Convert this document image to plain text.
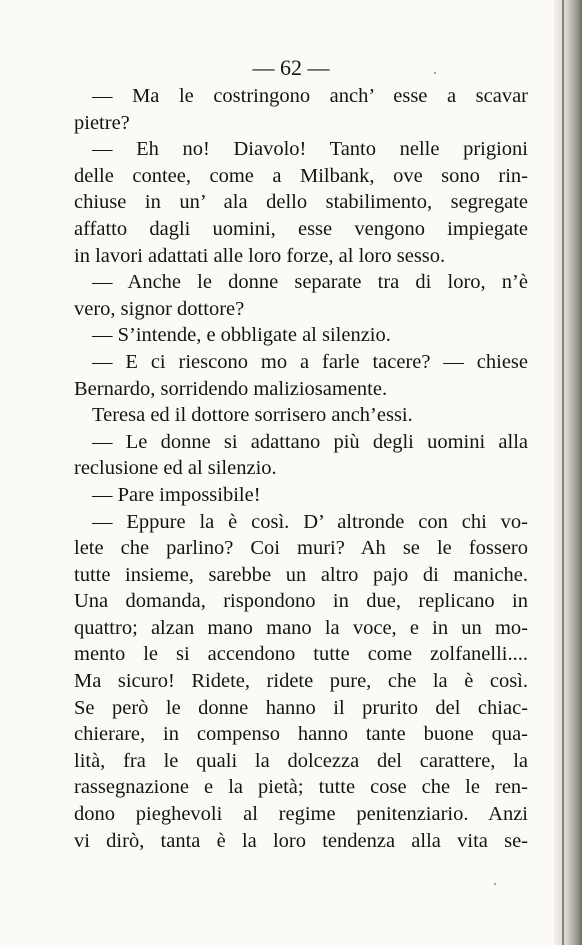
— 62 —
— Ma le costringono anch’ esse a scavar
pietre?
— Eh no! Diavolo! Tanto nelle prigioni
delle contee, come a Milbank, ove sono rin-
chiuse in un’ ala dello stabilimento, segregate
affatto dagli uomini, esse vengono impiegate
in lavori adattati alle loro forze, al loro sesso.
— Anche le donne separate tra di loro, n’è
vero, signor dottore?
— S’intende, e obbligate al silenzio.
— E ci riescono mo a farle tacere? — chiese
Bernardo, sorridendo maliziosamente.
Teresa ed il dottore sorrisero anch’essi.
— Le donne si adattano più degli uomini alla
reclusione ed al silenzio.
— Pare impossibile!
— Eppure la è così. D’ altronde con chi vo-
lete che parlino? Coi muri? Ah se le fossero
tutte insieme, sarebbe un altro pajo di maniche.
Una domanda, rispondono in due, replicano in
quattro; alzan mano mano la voce, e in un mo-
mento le si accendono tutte come zolfanelli....
Ma sicuro! Ridete, ridete pure, che la è così.
Se però le donne hanno il prurito del chiac-
chierare, in compenso hanno tante buone qua-
lità, fra le quali la dolcezza del carattere, la
rassegnazione e la pietà; tutte cose che le ren-
dono pieghevoli al regime penitenziario. Anzi
vi dirò, tanta è la loro tendenza alla vita se-
